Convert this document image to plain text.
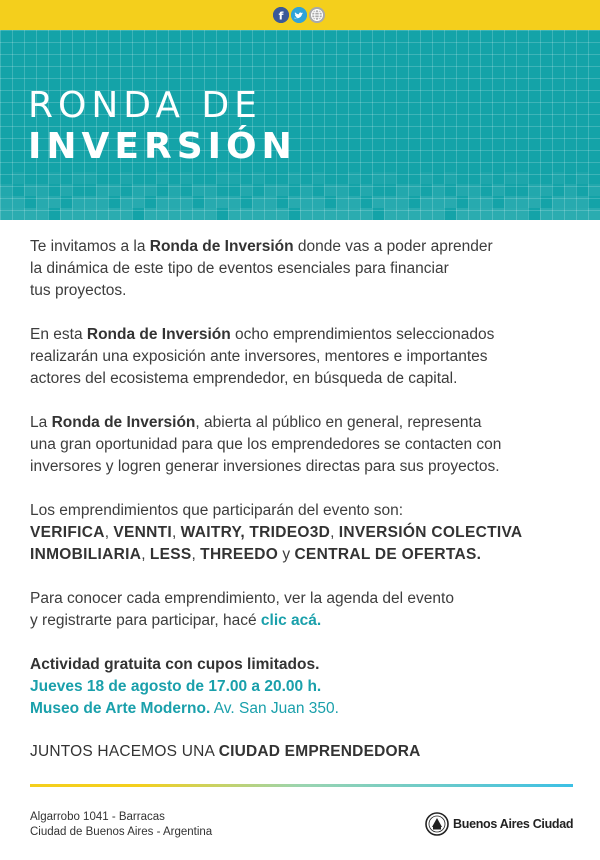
f
RONDA DE
INVERSIÓN

Te invitamos a la Ronda de Inversión donde vas a poder aprender
la dinámica de este tipo de eventos esenciales para financiar
tus proyectos.

En esta Ronda de Inversión ocho emprendimientos seleccionados
realizarán una exposición ante inversores, mentores e importantes
actores del ecosistema emprendedor, en búsqueda de capital.

La Ronda de Inversión, abierta al público en general, representa
una gran oportunidad para que los emprendedores se contacten con
inversores y logren generar inversiones directas para sus proyectos.

Los emprendimientos que participarán del evento son:
VERIFICA, VENNTI, WAITRY, TRIDEO3D, INVERSIÓN COLECTIVA
INMOBILIARIA, LESS, THREEDO y CENTRAL DE OFERTAS.

Para conocer cada emprendimiento, ver la agenda del evento
y registrarte para participar, hacé clic acá.

Actividad gratuita con cupos limitados.
Jueves 18 de agosto de 17.00 a 20.00 h.
Museo de Arte Moderno. Av. San Juan 350.

JUNTOS HACEMOS UNA CIUDAD EMPRENDEDORA
Algarrobo 1041 - Barracas
Ciudad de Buenos Aires - Argentina
Buenos Aires Ciudad
